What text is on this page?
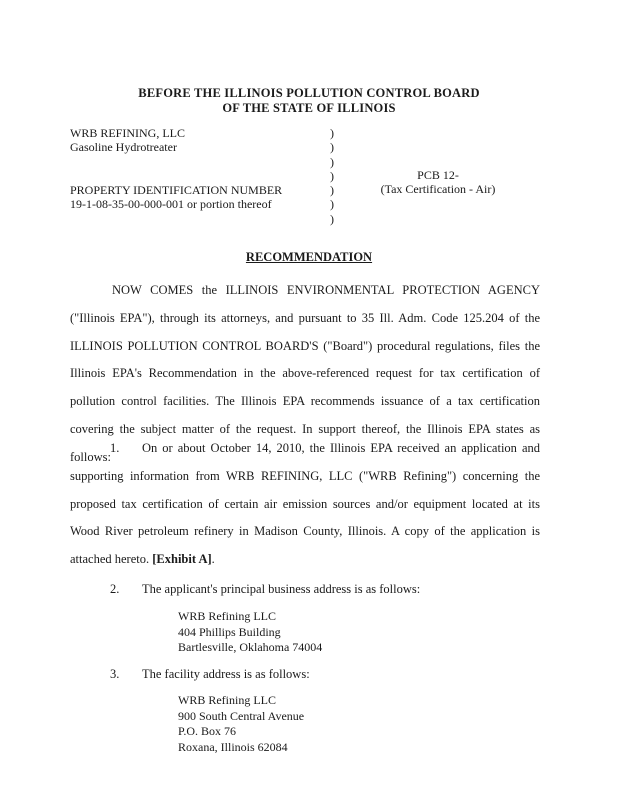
BEFORE THE ILLINOIS POLLUTION CONTROL BOARD
OF THE STATE OF ILLINOIS
WRB REFINING, LLC
Gasoline Hydrotreater
PROPERTY IDENTIFICATION NUMBER
19-1-08-35-00-000-001 or portion thereof
)
)
)
)
)
)
)
PCB 12-
(Tax Certification - Air)
RECOMMENDATION
NOW COMES the ILLINOIS ENVIRONMENTAL PROTECTION AGENCY ("Illinois EPA"), through its attorneys, and pursuant to 35 Ill. Adm. Code 125.204 of the ILLINOIS POLLUTION CONTROL BOARD'S ("Board") procedural regulations, files the Illinois EPA's Recommendation in the above-referenced request for tax certification of pollution control facilities. The Illinois EPA recommends issuance of a tax certification covering the subject matter of the request. In support thereof, the Illinois EPA states as follows:
1. On or about October 14, 2010, the Illinois EPA received an application and supporting information from WRB REFINING, LLC ("WRB Refining") concerning the proposed tax certification of certain air emission sources and/or equipment located at its Wood River petroleum refinery in Madison County, Illinois. A copy of the application is attached hereto. [Exhibit A].
2. The applicant's principal business address is as follows:
WRB Refining LLC
404 Phillips Building
Bartlesville, Oklahoma 74004
3. The facility address is as follows:
WRB Refining LLC
900 South Central Avenue
P.O. Box 76
Roxana, Illinois 62084
